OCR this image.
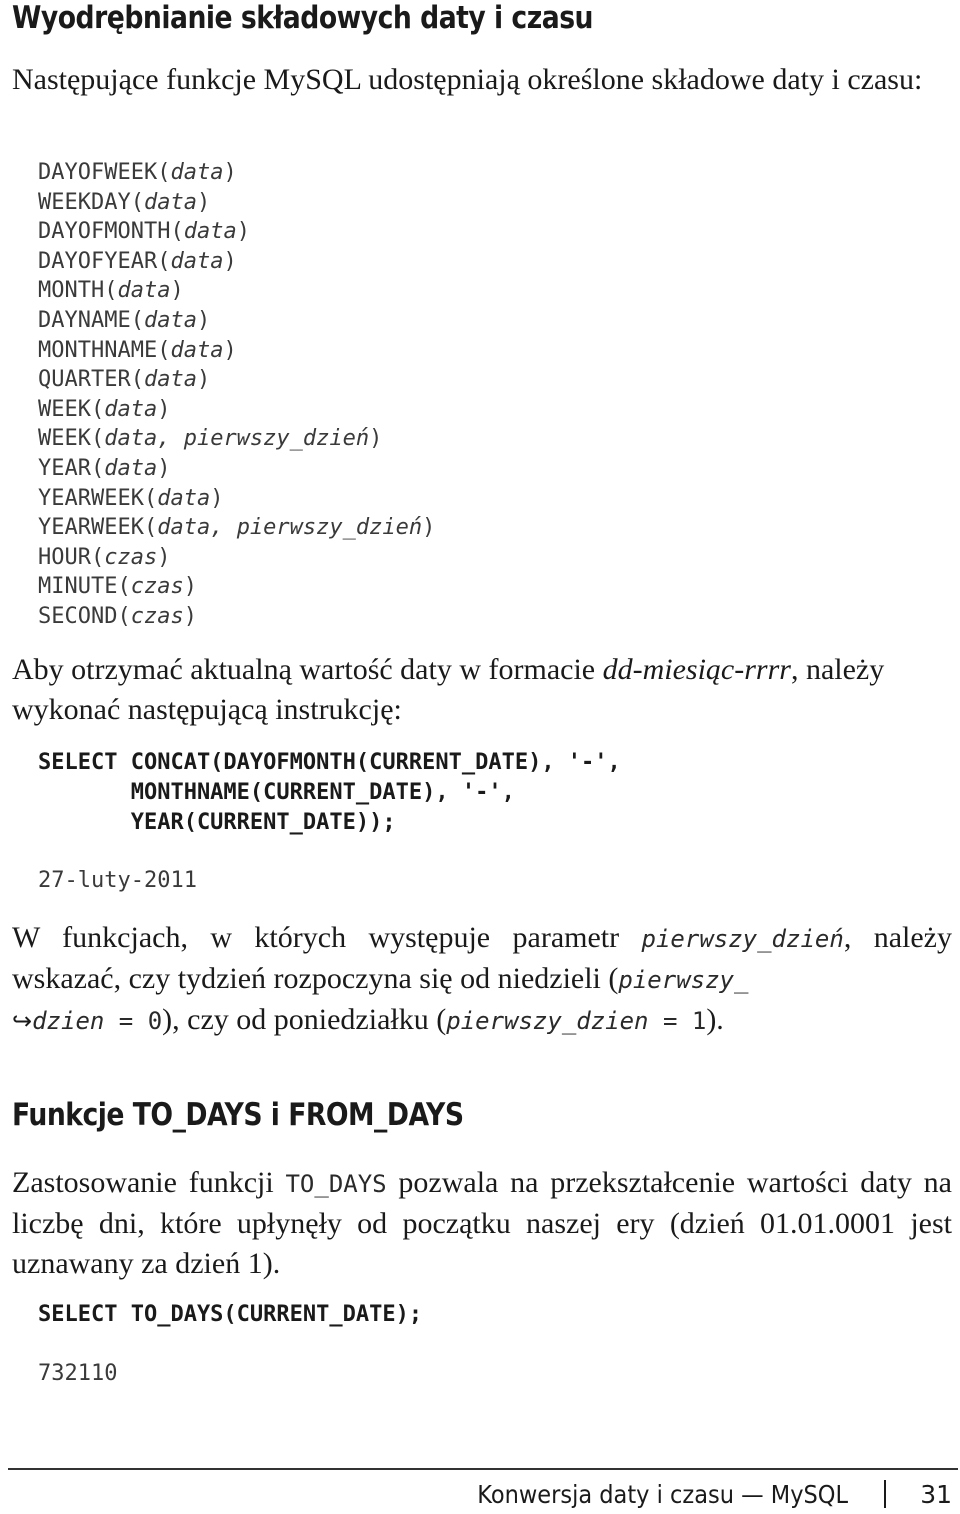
Wyodrębnianie składowych daty i czasu

Następujące funkcje MySQL udostępniają określone składowe daty i czasu:

DAYOFWEEK(data)
WEEKDAY(data)
DAYOFMONTH(data)
DAYOFYEAR(data)
MONTH(data)
DAYNAME(data)
MONTHNAME(data)
QUARTER(data)
WEEK(data)
WEEK(data, pierwszy_dzień)
YEAR(data)
YEARWEEK(data)
YEARWEEK(data, pierwszy_dzień)
HOUR(czas)
MINUTE(czas)
SECOND(czas)

Aby otrzymać aktualną wartość daty w formacie dd-miesiąc-rrrr, należy wykonać następującą instrukcję:

SELECT CONCAT(DAYOFMONTH(CURRENT_DATE), '-',
MONTHNAME(CURRENT_DATE), '-',
YEAR(CURRENT_DATE));
27-luty-2011

W funkcjach, w których występuje parametr pierwszy_dzień, należy wskazać, czy tydzień rozpoczyna się od niedzieli (pierwszy_
↪dzien = 0), czy od poniedziałku (pierwszy_dzien = 1).

Funkcje TO_DAYS i FROM_DAYS

Zastosowanie funkcji TO_DAYS pozwala na przekształcenie wartości daty na liczbę dni, które upłynęły od początku naszej ery (dzień 01.01.0001 jest uznawany za dzień 1).

SELECT TO_DAYS(CURRENT_DATE);
732110
Konwersja daty i czasu — MySQL	31
